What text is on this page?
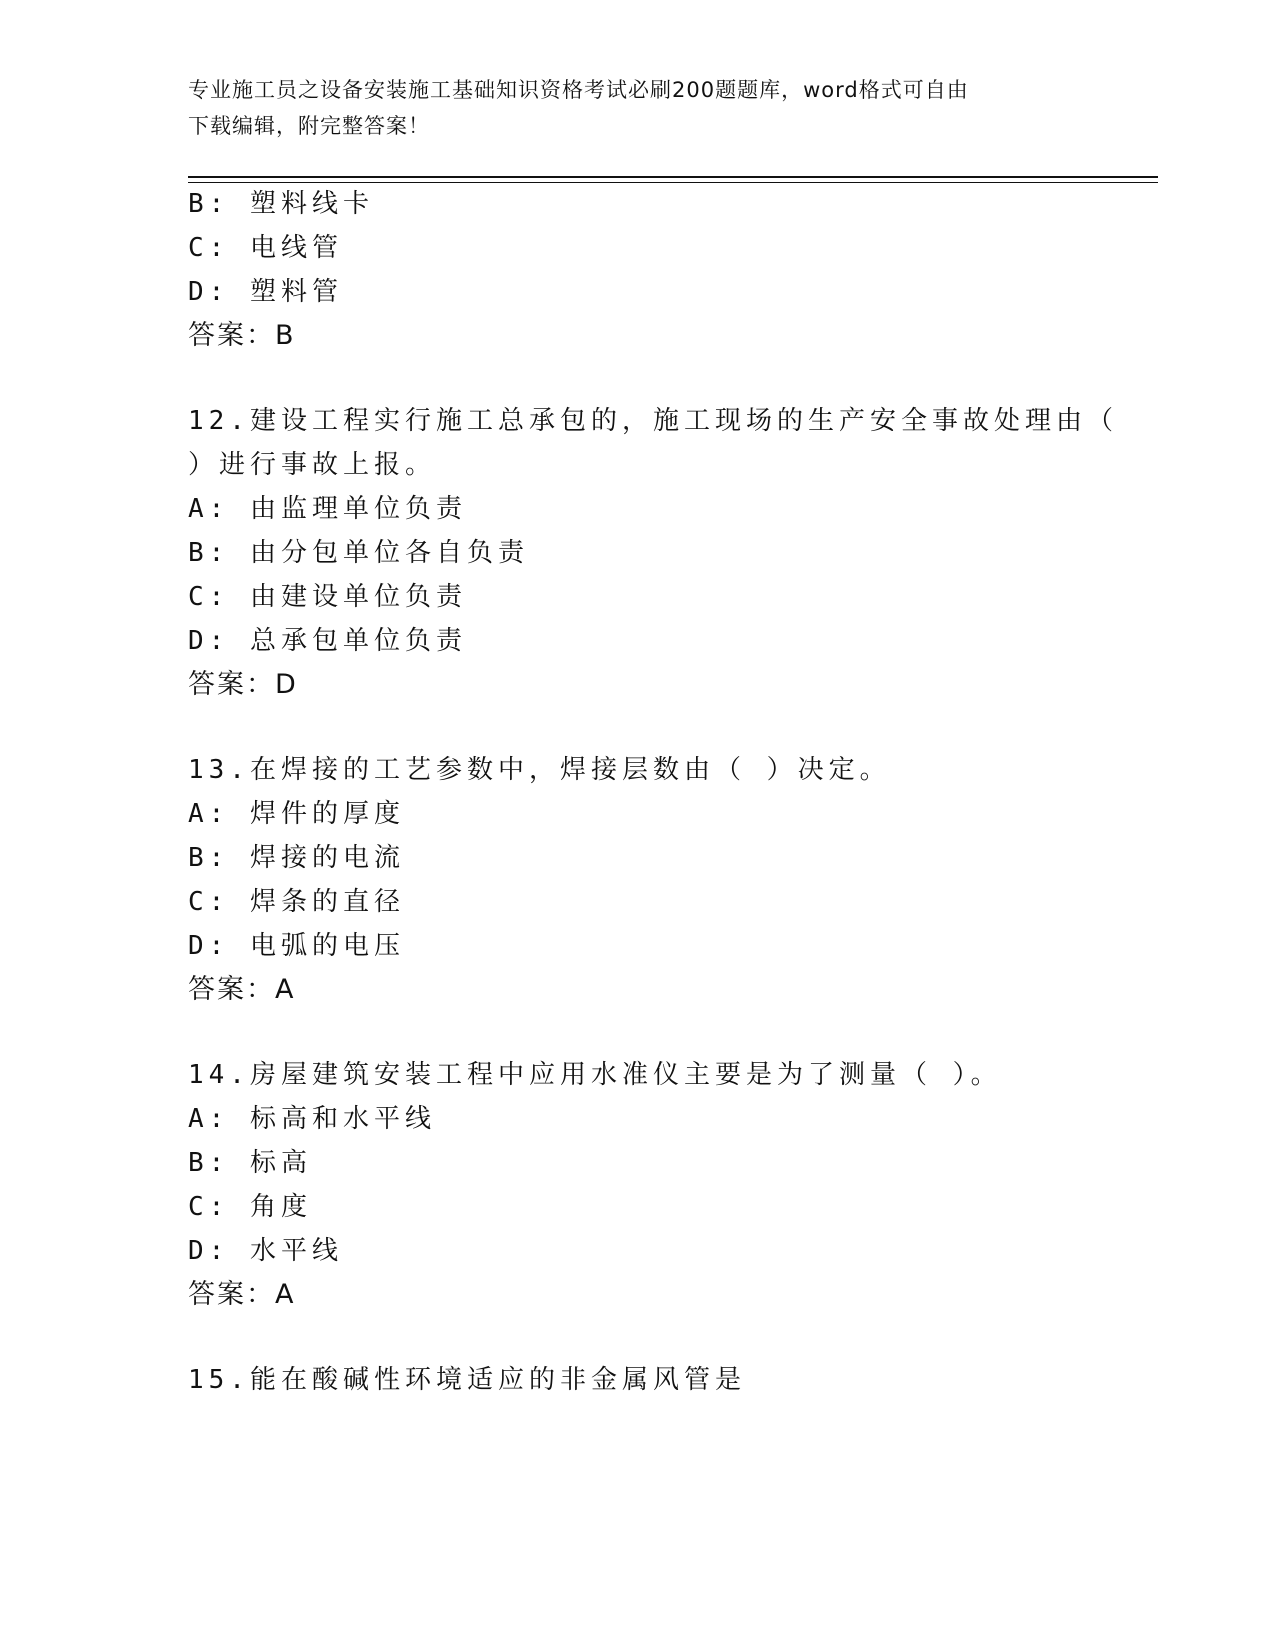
专业施工员之设备安装施工基础知识资格考试必刷200题题库，word格式可自由
下载编辑，附完整答案！
B: 塑料线卡
C: 电线管
D: 塑料管
答案：B
12.建设工程实行施工总承包的，施工现场的生产安全事故处理由（
）进行事故上报。
A: 由监理单位负责
B: 由分包单位各自负责
C: 由建设单位负责
D: 总承包单位负责
答案：D
13.在焊接的工艺参数中，焊接层数由（ ）决定。
A: 焊件的厚度
B: 焊接的电流
C: 焊条的直径
D: 电弧的电压
答案：A
14.房屋建筑安装工程中应用水准仪主要是为了测量（ ）。
A: 标高和水平线
B: 标高
C: 角度
D: 水平线
答案：A
15.能在酸碱性环境适应的非金属风管是
